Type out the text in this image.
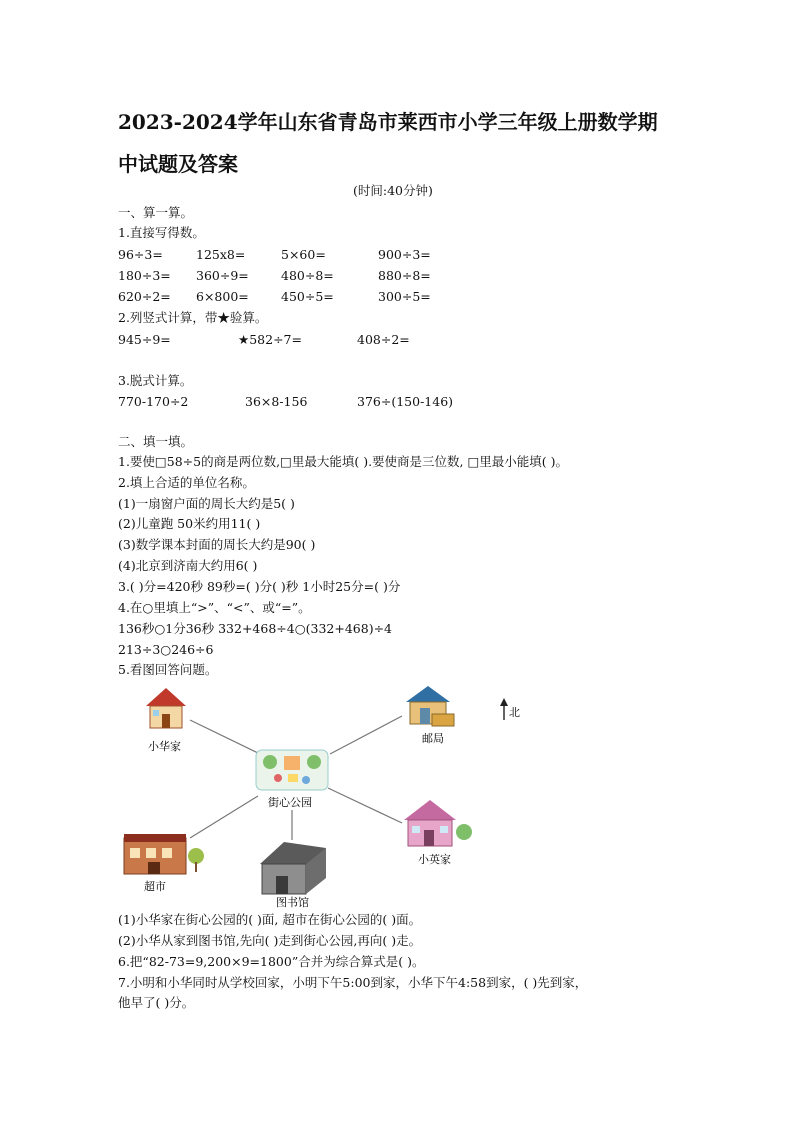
2023-2024学年山东省青岛市莱西市小学三年级上册数学期
中试题及答案
(时间:40分钟)
一、算一算。
1.直接写得数。
96÷3=	125x8=	5×60=	900÷3=
180÷3= 360÷9=	480÷8=	880÷8=
620÷2= 6×800=	450÷5=	300÷5=
2.列竖式计算，带★验算。
945÷9=	★582÷7=	408÷2=
3.脱式计算。
770-170÷2	36×8-156	376÷(150-146)
二、填一填。
1.要使□58÷5的商是两位数,□里最大能填( ).要使商是三位数, □里最小能填( )。
2.填上合适的单位名称。
(1)一扇窗户面的周长大约是5( )
(2)儿童跑 50米约用11( )
(3)数学课本封面的周长大约是90( )
(4)北京到济南大约用6( )
3.( )分=420秒 89秒=( )分( )秒 1小时25分=( )分
4.在○里填上“>”、“<”、或“=”。
136秒○1分36秒 332+468÷4○(332+468)÷4
213÷3○246÷6
5.看图回答问题。
小华家
邮局
北
街心公园
小英家
超市
图书馆
(1)小华家在街心公园的( )面, 超市在街心公园的( )面。
(2)小华从家到图书馆,先向( )走到街心公园,再向( )走。
6.把“82-73=9,200×9=1800”合并为综合算式是( )。
7.小明和小华同时从学校回家，小明下午5:00到家，小华下午4:58到家，( )先到家，
他早了( )分。
